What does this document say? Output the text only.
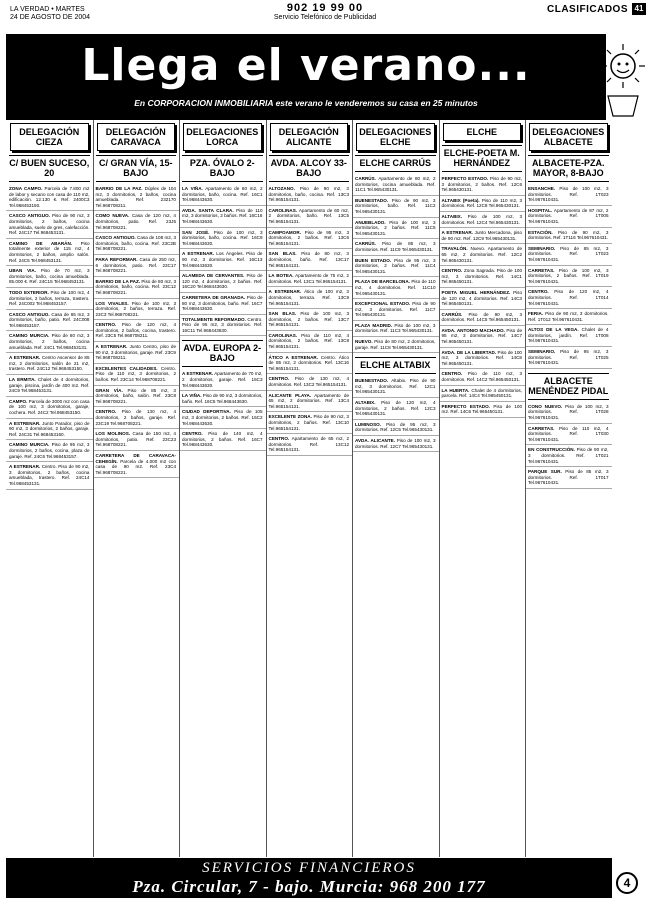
LA VERDAD • MARTES
24 DE AGOSTO DE 2004
902 19 99 00
Servicio Telefónico de Publicidad
CLASIFICADOS 41
Llega el verano...
En CORPORACION INMOBILIARIA este verano le venderemos su casa en 25 minutos
DELEGACIÓN CIEZA
C/ BUEN SUCESO, 20
ZONA CAMPO. Parcela de 7.800 m2 de labor y secano con casa de 110 m2, edificación. 12.130 €. Ref. 2400C3 Tel.968453150.
CASCO ANTIGUO. Piso de 90 m2, 3 dormitorios, 2 baños, cocina amueblada, suelo de gres, calefacción. Ref. 24C17 Tel.968453131.
CAMINO DE ABARÁN. Piso totalmente exterior de 115 m2, 4 dormitorios, 2 baños, amplio salón. Ref. 24C5 Tel.968453131.
UBAN VIA. Piso de 70 m2, 3 dormitorios, baño, cocina amueblada. 85.000 €. Ref. 24C15 Tel.968453131.
TODO EXTERIOR. Piso de 100 m2, 4 dormitorios, 2 baños, terraza, trastero. Ref. 24C002 Tel.968453157.
CASCO ANTIGUO. Casa de 65 m2, 3 dormitorios, baño, patio. Ref. 24C008 Tel.968453157.
CAMINO MURCIA. Piso de 80 m2, 3 dormitorios, 2 baños, cocina amueblada. Ref. 24C1 Tel.968453131.
A ESTRENAR. Centro Ascensor de 85 m2, 2 dormitorios, salón de 21 m2, trastero. Ref. 24C12 Tel.968453150.
LA ERMITA. Chalet de 4 dormitorios, garaje, piscina, jardín de 400 m2. Ref. 24C9 Tel.968453131.
CAMPO. Parcela de 3000 m2 con casa de 100 m2, 3 dormitorios, garaje, cochera. Ref. 24C2 Tel.968453150.
A ESTRENAR. Junto Parador, piso de 90 m2, 3 dormitorios, 2 baños, garaje. Ref. 24C31 Tel.968453160.
CAMINO MURCIA. Piso de 95 m2, 3 dormitorios, 2 baños, cocina, plaza de garaje. Ref. 24C6 Tel.968453157.
A ESTRENAR. Centro. Piso de 90 m2, 3 dormitorios, 2 baños, cocina amueblada, trastero. Ref. 24C14 Tel.968453131.
DELEGACIÓN CARAVACA
C/ GRAN VÍA, 15-BAJO
BARRIO DE LA PAZ. Dúplex de 104 m2, 3 dormitorios, 2 baños, cocina amueblada. Ref. 232170 Tel.968708211.
COMO NUEVA. Casa de 120 m2, 4 dormitorios, patio. Ref. 23J5 Tel.968708221.
CASCO ANTIGUO. Casa de 108 m2, 3 dormitorios, baño, cocina. Ref. 23C2B Tel.968708221.
PARA REFORMAR. Casa de 250 m2, 6 dormitorios, patio. Ref. 23C17 Tel.968708221.
BARRIO DE LA PAZ. Piso de 80 m2, 3 dormitorios, baño, cocina. Ref. 23C12 Tel.968708221.
LOS VIVALES. Piso de 100 m2, 3 dormitorios, 2 baños, terraza. Ref. 23C3 Tel.968708221.
CENTRO. Piso de 120 m2, 4 dormitorios, 2 baños, cocina, trastero. Ref. 23C5 Tel.968708211.
A ESTRENAR. Junto Centro, piso de 90 m2, 3 dormitorios, garaje. Ref. 23C9 Tel.968708211.
EXCELENTES CALIDADES. Centro. Piso de 110 m2, 3 dormitorios, 2 baños. Ref. 23C14 Tel.968708221.
GRAN VÍA. Piso de 85 m2, 3 dormitorios, baño, salón. Ref. 23C8 Tel.968708221.
CENTRO. Piso de 130 m2, 4 dormitorios, 2 baños, garaje. Ref. 23C19 Tel.968708221.
LOS MOLINOS. Casa de 150 m2, 4 dormitorios, patio. Ref. 23C23 Tel.968708221.
CARRETERA DE CARAVACA-CEHEGÍN. Parcela de 4.000 m2 con casa de 90 m2. Ref. 23C4 Tel.968708221.
DELEGACIONES LORCA
PZA. ÓVALO 2-BAJO
LA VIÑA. Apartamento de 60 m2, 2 dormitorios, baño, cocina. Ref. 16C1 Tel.968443630.
AVDA. SANTA CLARA. Piso de 110 m2, 3 dormitorios, 2 baños. Ref. 16C16 Tel.968443630.
SAN JOSÉ. Piso de 100 m2, 3 dormitorios, baño, cocina. Ref. 16C9 Tel.968443630.
A ESTRENAR. Los Ángeles. Piso de 90 m2, 3 dormitorios. Ref. 16C13 Tel.968443630.
ALAMEDA DE CERVANTES. Piso de 120 m2, 4 dormitorios, 2 baños. Ref. 16C20 Tel.968443630.
CARRETERA DE GRANADA. Piso de 80 m2, 3 dormitorios, baño. Ref. 16C7 Tel.968443630.
TOTALMENTE REFORMADO. Centro. Piso de 95 m2, 3 dormitorios. Ref. 16C11 Tel.968443630.
AVDA. EUROPA 2-BAJO
A ESTRENAR. Apartamento de 70 m2, 2 dormitorios, garaje. Ref. 16C3 Tel.968443630.
LA VIÑA. Piso de 90 m2, 3 dormitorios, baño. Ref. 16C5 Tel.968443630.
CIUDAD DEPORTIVA. Piso de 105 m2, 3 dormitorios, 2 baños. Ref. 16C2 Tel.968443630.
CENTRO. Piso de 140 m2, 4 dormitorios, 2 baños. Ref. 16C7 Tel.968443630.
DELEGACIÓN ALICANTE
AVDA. ALCOY 33-BAJO
ALTOZANO. Piso de 90 m2, 3 dormitorios, baño, cocina. Ref. 13C3 Tel.965154131.
CAROLINAS. Apartamento de 60 m2, 2 dormitorios, baño. Ref. 13C5 Tel.965154131.
CAMPOAMOR. Piso de 95 m2, 3 dormitorios, 2 baños. Ref. 13C6 Tel.965154131.
SAN BLAS. Piso de 80 m2, 3 dormitorios, baño. Ref. 13C17 Tel.965154131.
LA BOTEA. Apartamento de 75 m2, 2 dormitorios. Ref. 13C1 Tel.965154131.
A ESTRENAR. Ático de 100 m2, 3 dormitorios, terraza. Ref. 13C9 Tel.965154131.
SAN BLAS. Piso de 100 m2, 3 dormitorios, 2 baños. Ref. 13C7 Tel.965154131.
CAROLINAS. Piso de 110 m2, 4 dormitorios, 2 baños. Ref. 13C8 Tel.965154131.
ÁTICO A ESTRENAR. Centro. Ático de 85 m2, 2 dormitorios. Ref. 13C16 Tel.965154131.
CENTRO. Piso de 130 m2, 4 dormitorios. Ref. 13C2 Tel.965154131.
ALICANTE PLAYA. Apartamento de 65 m2, 2 dormitorios. Ref. 13C4 Tel.965154131.
EXCELENTE ZONA. Piso de 90 m2, 3 dormitorios, 2 baños. Ref. 13C10 Tel.965154131.
CENTRO. Apartamento de 65 m2, 2 dormitorios. Ref. 13C12 Tel.965154131.
DELEGACIONES ELCHE
ELCHE CARRÚS
CARRÚS. Apartamento de 80 m2, 2 dormitorios, cocina amueblada. Ref. 11C1 Tel.965430131.
BUENESTADO. Piso de 90 m2, 3 dormitorios, baño. Ref. 11C2 Tel.965430131.
ANUEBLADO. Piso de 100 m2, 3 dormitorios, 2 baños. Ref. 11C5 Tel.965430131.
CARRÚS. Piso de 85 m2, 3 dormitorios. Ref. 11C9 Tel.965430131.
BUEN ESTADO. Piso de 95 m2, 3 dormitorios, 2 baños. Ref. 11C4 Tel.965430131.
PLAZA DE BARCELONA. Piso de 110 m2, 4 dormitorios. Ref. 11C10 Tel.965430131.
EXCEPCIONAL ESTADO. Piso de 90 m2, 3 dormitorios. Ref. 11C7 Tel.965430131.
PLAZA MADRID. Piso de 100 m2, 3 dormitorios. Ref. 11C3 Tel.965430131.
NUEVO. Piso de 80 m2, 2 dormitorios, garaje. Ref. 11C8 Tel.965430131.
ELCHE ALTABIX
BUENESTADO. Altabix. Piso de 90 m2, 3 dormitorios. Ref. 12C1 Tel.965430131.
ALTABIX. Piso de 120 m2, 4 dormitorios, 2 baños. Ref. 12C3 Tel.965430131.
LUMINOSO. Piso de 95 m2, 3 dormitorios. Ref. 12C5 Tel.965430131.
AVDA. ALICANTE. Piso de 100 m2, 3 dormitorios. Ref. 12C7 Tel.965430131.
ELCHE
ELCHE-POETA M. HERNÁNDEZ
PERFECTO ESTADO. Piso de 90 m2, 3 dormitorios, 2 baños. Ref. 12C6 Tel.965430131.
ALTABIX (Poeta). Piso de 110 m2, 3 dormitorios. Ref. 12C8 Tel.965430131.
ALTABIX. Piso de 100 m2, 3 dormitorios. Ref. 12C4 Tel.965430131.
A ESTRENAR. Junto Mercadona, piso de 90 m2. Ref. 12C9 Tel.965430131.
TRAVALÓN. Nuevo. Apartamento de 65 m2, 2 dormitorios. Ref. 12C2 Tel.965430131.
CENTRO. Zona Sagrada. Piso de 100 m2, 3 dormitorios. Ref. 14C1 Tel.965450131.
POETA MIGUEL HERNÁNDEZ. Piso de 120 m2, 4 dormitorios. Ref. 14C3 Tel.965450131.
CARRÚS. Piso de 90 m2, 3 dormitorios. Ref. 14C5 Tel.965450131.
AVDA. ANTONIO MACHADO. Piso de 95 m2, 3 dormitorios. Ref. 14C7 Tel.965450131.
AVDA. DE LA LIBERTAD. Piso de 100 m2, 3 dormitorios. Ref. 14C8 Tel.965450131.
CENTRO. Piso de 110 m2, 3 dormitorios. Ref. 14C2 Tel.965450131.
LA HUERTA. Chalet de 4 dormitorios, parcela. Ref. 14C4 Tel.965450131.
PERFECTO ESTADO. Piso de 100 m2. Ref. 14C6 Tel.965450131.
DELEGACIONES ALBACETE
ALBACETE-PZA. MAYOR, 8-BAJO
ENSANCHE. Piso de 100 m2, 3 dormitorios. Ref. 1T023 Tel.967610431.
HOSPITAL. Apartamento de 87 m2, 2 dormitorios. Ref. 1T005 Tel.967610431.
ESTACIÓN. Piso de 90 m2, 3 dormitorios. Ref. 1T116 Tel.967610431.
SEMINARIO. Piso de 85 m2, 3 dormitorios. Ref. 1T023 Tel.967610431.
CARRETAS. Piso de 100 m2, 3 dormitorios, 2 baños. Ref. 1T019 Tel.967610431.
CENTRO. Piso de 120 m2, 4 dormitorios. Ref. 1T014 Tel.967610431.
FERIA. Piso de 90 m2, 3 dormitorios. Ref. 1T012 Tel.967610431.
ALTOS DE LA VEGA. Chalet de 4 dormitorios, jardín. Ref. 1T008 Tel.967610431.
SEMINARIO. Piso de 95 m2, 3 dormitorios. Ref. 1T025 Tel.967610431.
ALBACETE MENÉNDEZ PIDAL
CONO NUEVO. Piso de 100 m2, 3 dormitorios. Ref. 1T028 Tel.967610431.
CARRETAS. Piso de 110 m2, 4 dormitorios. Ref. 1T030 Tel.967610431.
EN CONSTRUCCIÓN. Piso de 90 m2, 3 dormitorios. Ref. 1T021 Tel.967610431.
PARQUE SUR. Piso de 85 m2, 3 dormitorios. Ref. 1T017 Tel.967610431.
SERVICIOS FINANCIEROS
Pza. Circular, 7 - bajo. Murcia: 968 200 177	4
